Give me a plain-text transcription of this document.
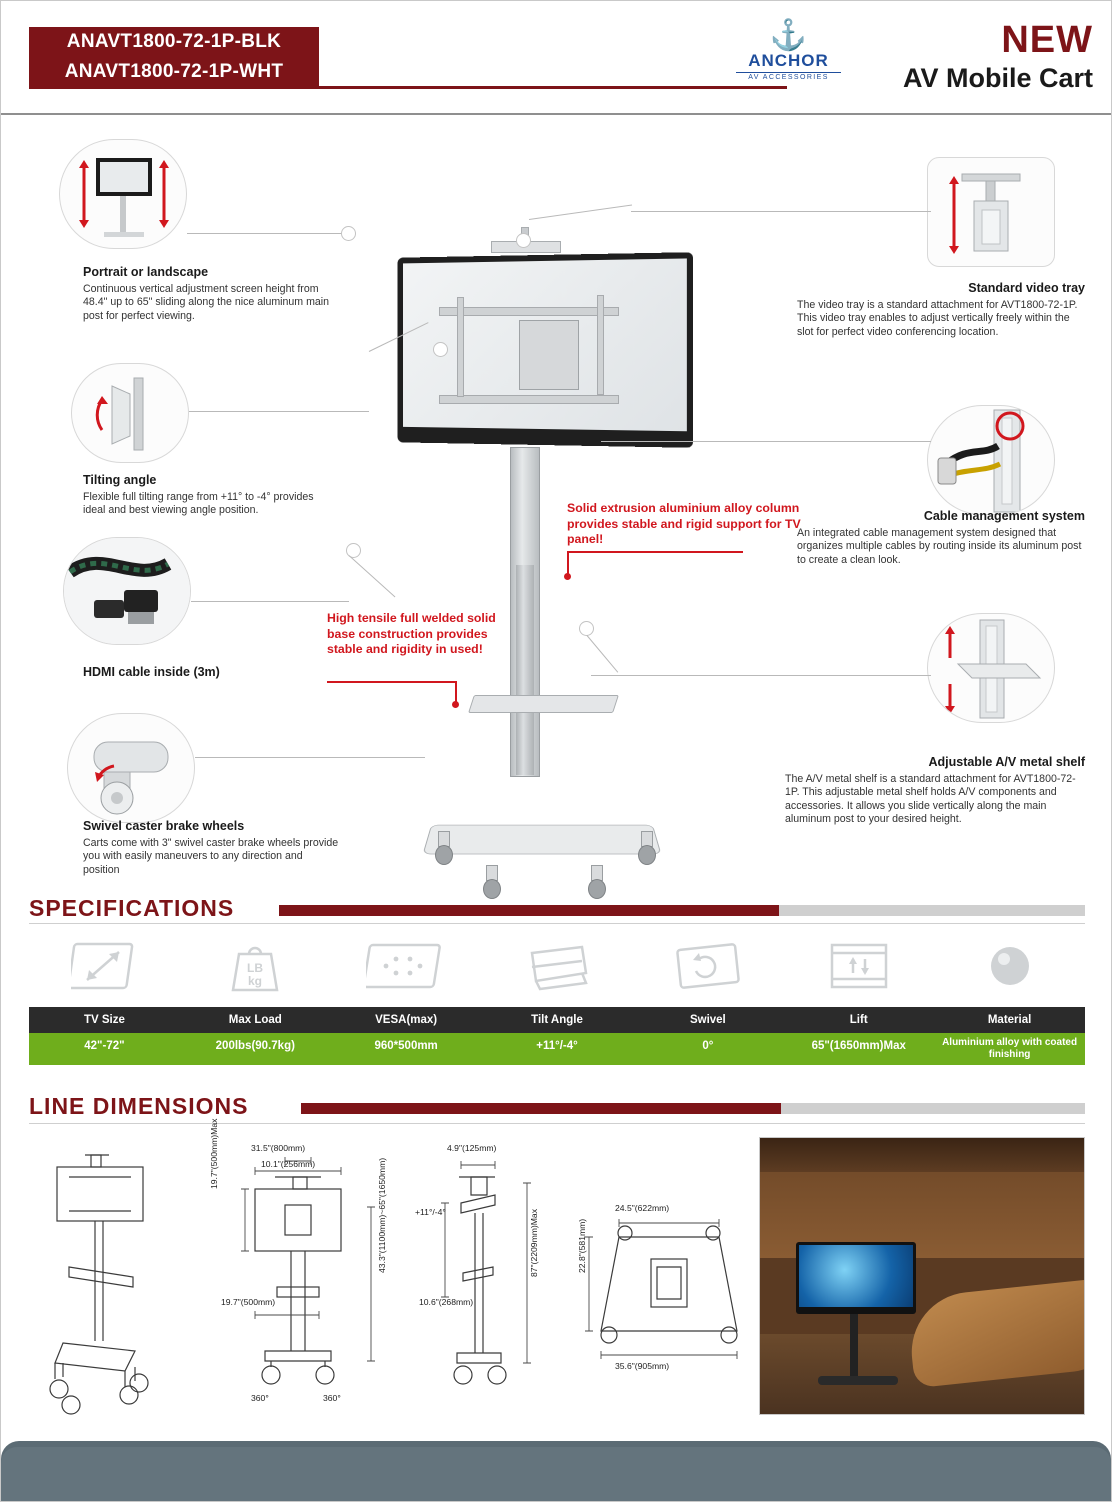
ANAVT1800-72-1P-BLK
ANAVT1800-72-1P-WHT
⚓
ANCHOR
AV ACCESSORIES
NEW
AV Mobile Cart
Portrait or landscape

Continuous vertical adjustment screen height from 48.4" up to 65" sliding along the nice aluminum main post for perfect viewing.

Tilting angle

Flexible full tilting range from +11° to -4° provides ideal and best viewing angle position.

HDMI cable inside (3m)

Swivel caster brake wheels

Carts come with 3" swivel caster brake wheels provide you with easily maneuvers to any direction and position

Standard video tray

The video tray is a standard attachment for AVT1800-72-1P. This video tray enables to adjust vertically freely within the slot for perfect video conferencing location.

Cable management system

An integrated cable management system designed that organizes multiple cables by routing inside its aluminum post to create a clean look.

Adjustable A/V metal shelf

The A/V metal shelf is a standard attachment for AVT1800-72-1P. This adjustable metal shelf holds A/V components and accessories. It allows you slide vertically along the main aluminum post to your desired height.

Solid extrusion aluminium alloy column provides stable and rigid support for TV panel!
High tensile full welded solid base construction provides stable and rigidity in used!
SPECIFICATIONS
LB
kg
TV Size	Max Load	VESA(max)	Tilt Angle	Swivel	Lift	Material
42"-72"	200lbs(90.7kg)	960*500mm	+11°/-4°	0°	65"(1650mm)Max	Aluminium alloy with coated finishing
LINE DIMENSIONS
31.5"(800mm)
10.1"(256mm)
19.7"(500mm)Max
19.7"(500mm)
43.3"(1100mm)~65"(1650mm)
4.9"(125mm)
+11°/-4°
10.6"(268mm)
87"(2209mm)Max
24.5"(622mm)
22.8"(581mm)
35.6"(905mm)
360°	360°
